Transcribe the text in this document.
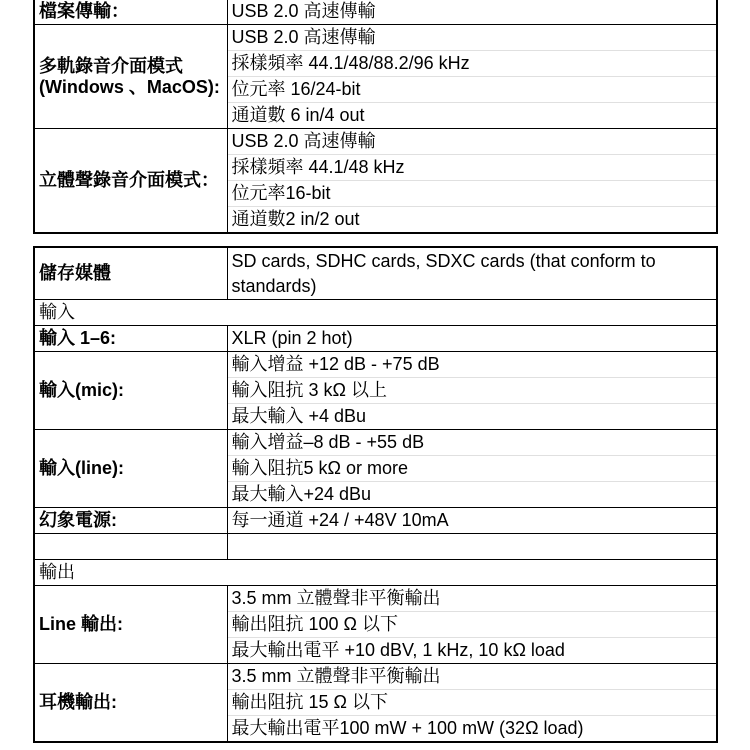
檔案傳輸：	USB 2.0 高速傳輸
多軌錄音介面模式(Windows 、MacOS):	USB 2.0 高速傳輸
	採樣頻率 44.1/48/88.2/96 kHz
	位元率 16/24-bit
	通道數 6 in/4 out
立體聲錄音介面模式：	USB 2.0 高速傳輸
	採樣頻率 44.1/48 kHz
	位元率16-bit
	通道數2 in/2 out
儲存媒體	SD cards, SDHC cards, SDXC cards (that conform to standards)
輸入	
輸入 1–6:	XLR (pin 2 hot)
輸入(mic):	輸入增益 +12 dB - +75 dB
	輸入阻抗 3 kΩ 以上
	最大輸入 +4 dBu
輸入(line):	輸入增益–8 dB - +55 dB
	輸入阻抗5 kΩ or more
	最大輸入+24 dBu
幻象電源:	每一通道 +24 / +48V 10mA

輸出	
Line 輸出:	3.5 mm 立體聲非平衡輸出
	輸出阻抗 100 Ω 以下
	最大輸出電平 +10 dBV, 1 kHz, 10 kΩ load
耳機輸出:	3.5 mm 立體聲非平衡輸出
	輸出阻抗 15 Ω 以下
	最大輸出電平100 mW + 100 mW (32Ω load)
